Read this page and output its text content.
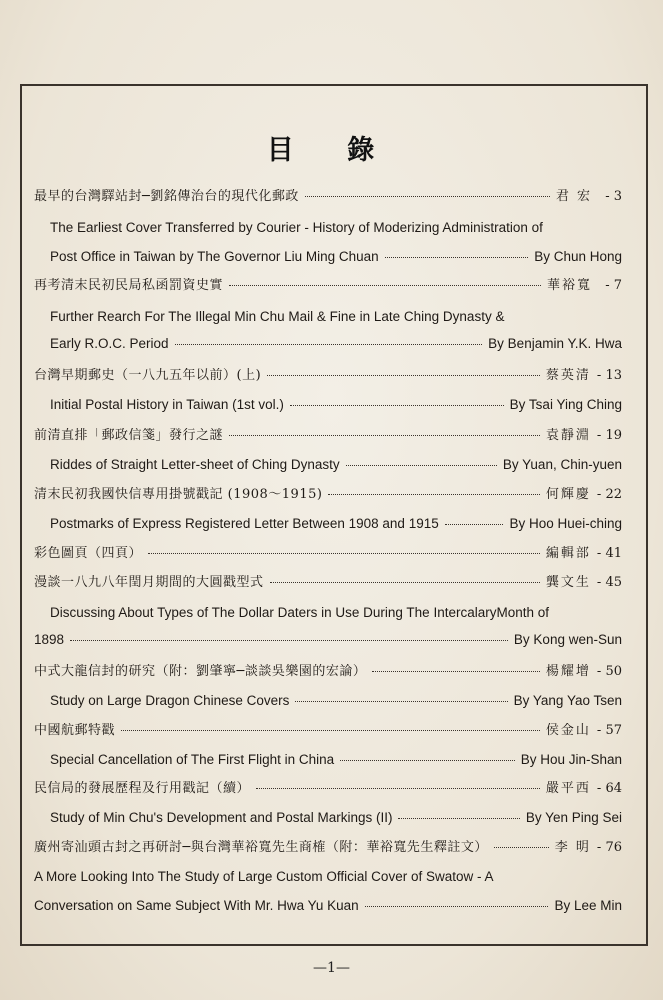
目 錄
最早的台灣驛站封─劉銘傳治台的現代化郵政	君 宏	- 3
The Earliest Cover Transferred by Courier - History of Moderizing Administration of
Post Office in Taiwan by The Governor Liu Ming Chuan	By Chun Hong
再考清末民初民局私函罰資史實	華裕寬	- 7
Further Rearch For The Illegal Min Chu Mail & Fine in Late Ching Dynasty &
Early R.O.C. Period	By Benjamin Y.K. Hwa
台灣早期郵史（一八九五年以前）(上)	蔡英清 - 13
Initial Postal History in Taiwan (1st vol.)	By Tsai Ying Ching
前清直排「郵政信箋」發行之謎	袁靜淵 - 19
Riddes of Straight Letter-sheet of Ching Dynasty	By Yuan, Chin-yuen
清末民初我國快信專用掛號戳記 (1908〜1915)	何輝慶 - 22
Postmarks of Express Registered Letter Between 1908 and 1915	By Hoo Huei-ching
彩色圖頁（四頁）	編輯部 - 41
漫談一八九八年閏月期間的大圓戳型式	龔文生 - 45
Discussing About Types of The Dollar Daters in Use During The IntercalaryMonth of
1898	By Kong wen-Sun
中式大龍信封的研究（附：劉肇寧─談談吳樂園的宏論）	楊耀增 - 50
Study on Large Dragon Chinese Covers	By Yang Yao Tsen
中國航郵特戳	侯金山 - 57
Special Cancellation of The First Flight in China	By Hou Jin-Shan
民信局的發展歷程及行用戳記（續）	嚴平西 - 64
Study of Min Chu's Development and Postal Markings (II)	By Yen Ping Sei
廣州寄汕頭古封之再研討─與台灣華裕寬先生商榷（附：華裕寬先生釋註文）	李 明 - 76
A More Looking Into The Study of Large Custom Official Cover of Swatow - A
Conversation on Same Subject With Mr. Hwa Yu Kuan	By Lee Min
—1—
